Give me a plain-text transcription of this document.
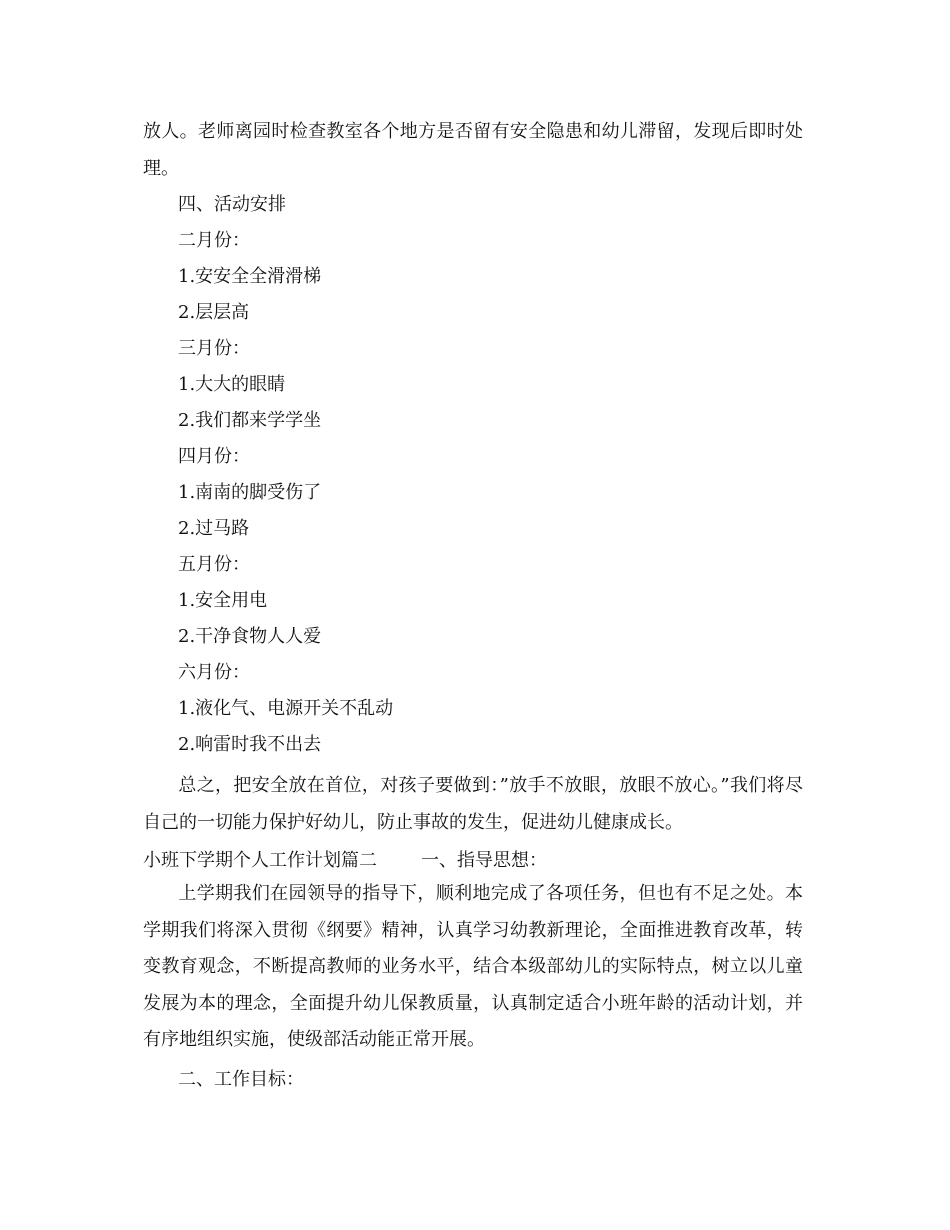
放人。老师离园时检查教室各个地方是否留有安全隐患和幼儿滞留，发现后即时处理。
四、活动安排
二月份：
1.安安全全滑滑梯
2.层层高
三月份：
1.大大的眼睛
2.我们都来学学坐
四月份：
1.南南的脚受伤了
2.过马路
五月份：
1.安全用电
2.干净食物人人爱
六月份：
1.液化气、电源开关不乱动
2.响雷时我不出去
总之，把安全放在首位，对孩子要做到：”放手不放眼，放眼不放心。”我们将尽自己的一切能力保护好幼儿，防止事故的发生，促进幼儿健康成长。
小班下学期个人工作计划篇二 一、指导思想：
上学期我们在园领导的指导下，顺利地完成了各项任务，但也有不足之处。本学期我们将深入贯彻《纲要》精神，认真学习幼教新理论，全面推进教育改革，转变教育观念，不断提高教师的业务水平，结合本级部幼儿的实际特点，树立以儿童发展为本的理念，全面提升幼儿保教质量，认真制定适合小班年龄的活动计划，并有序地组织实施，使级部活动能正常开展。
二、工作目标：
